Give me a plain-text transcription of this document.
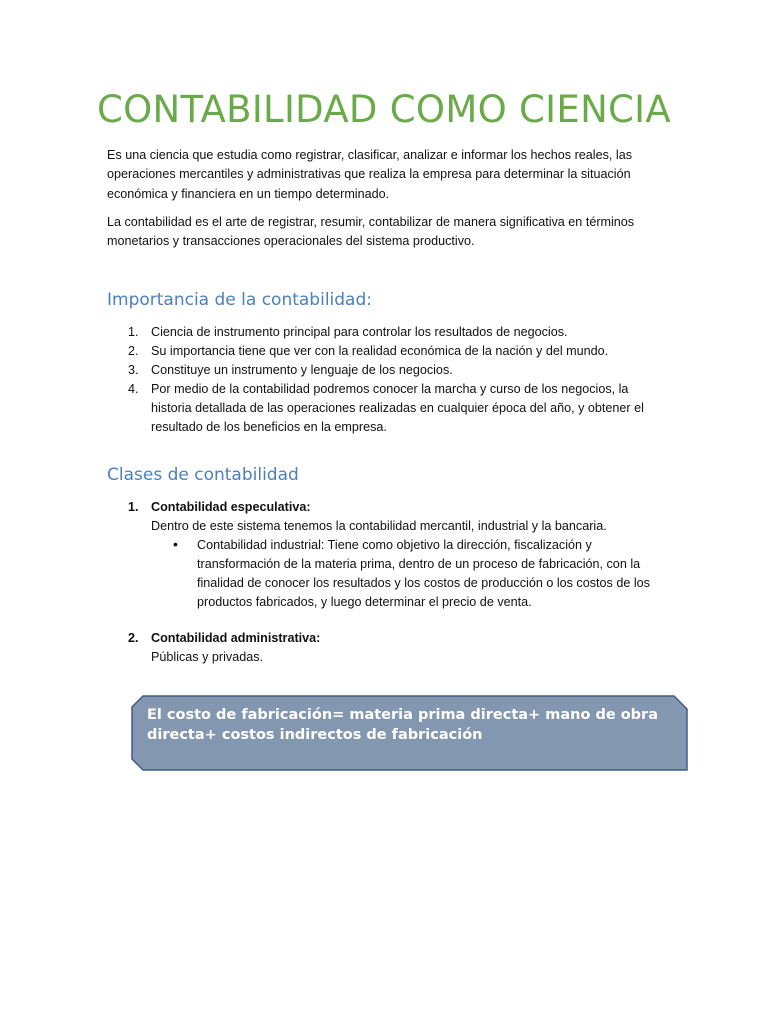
CONTABILIDAD COMO CIENCIA

Es una ciencia que estudia como registrar, clasificar, analizar e informar los hechos reales, las operaciones mercantiles y administrativas que realiza la empresa para determinar la situación económica y financiera en un tiempo determinado.

La contabilidad es el arte de registrar, resumir, contabilizar de manera significativa en términos monetarios y transacciones operacionales del sistema productivo.

Importancia de la contabilidad:
1. Ciencia de instrumento principal para controlar los resultados de negocios.
2. Su importancia tiene que ver con la realidad económica de la nación y del mundo.
3. Constituye un instrumento y lenguaje de los negocios.
4. Por medio de la contabilidad podremos conocer la marcha y curso de los negocios, la historia detallada de las operaciones realizadas en cualquier época del año, y obtener el resultado de los beneficios en la empresa.
Clases de contabilidad
1. Contabilidad especulativa:
Dentro de este sistema tenemos la contabilidad mercantil, industrial y la bancaria.
• Contabilidad industrial: Tiene como objetivo la dirección, fiscalización y transformación de la materia prima, dentro de un proceso de fabricación, con la finalidad de conocer los resultados y los costos de producción o los costos de los productos fabricados, y luego determinar el precio de venta.
2. Contabilidad administrativa:
Públicas y privadas.
El costo de fabricación= materia prima directa+ mano de obra directa+ costos indirectos de fabricación
